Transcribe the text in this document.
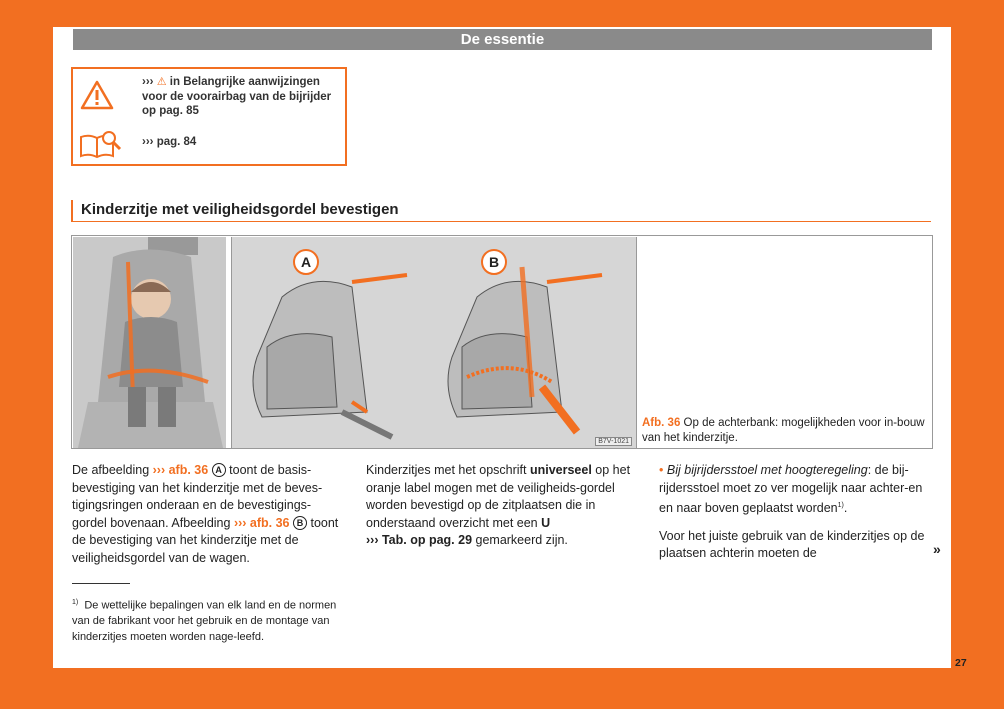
De essentie
››› ⚠ in Belangrijke aanwijzingen voor de voorairbag van de bijrijder op pag. 85
››› pag. 84
Kinderzitje met veiligheidsgordel bevestigen
A	B
B7V-1021
Afb. 36 Op de achterbank: mogelijkheden voor in-bouw van het kinderzitje.
De afbeelding ››› afb. 36 A toont de basis-bevestiging van het kinderzitje met de beves-tigingsringen onderaan en de bevestigings-gordel bovenaan. Afbeelding ››› afb. 36 B toont de bevestiging van het kinderzitje met de veiligheidsgordel van de wagen.
Kinderzitjes met het opschrift universeel op het oranje label mogen met de veiligheids-gordel worden bevestigd op de zitplaatsen die in onderstaand overzicht met een U
››› Tab. op pag. 29 gemarkeerd zijn.
• Bij bijrijdersstoel met hoogteregeling: de bij-rijdersstoel moet zo ver mogelijk naar achter-en en naar boven geplaatst worden$^{1)}$.
Voor het juiste gebruik van de kinderzitjes op de plaatsen achterin moeten de
$^{1)}$ De wettelijke bepalingen van elk land en de normen van de fabrikant voor het gebruik en de montage van kinderzitjes moeten worden nage-leefd.
»
27
